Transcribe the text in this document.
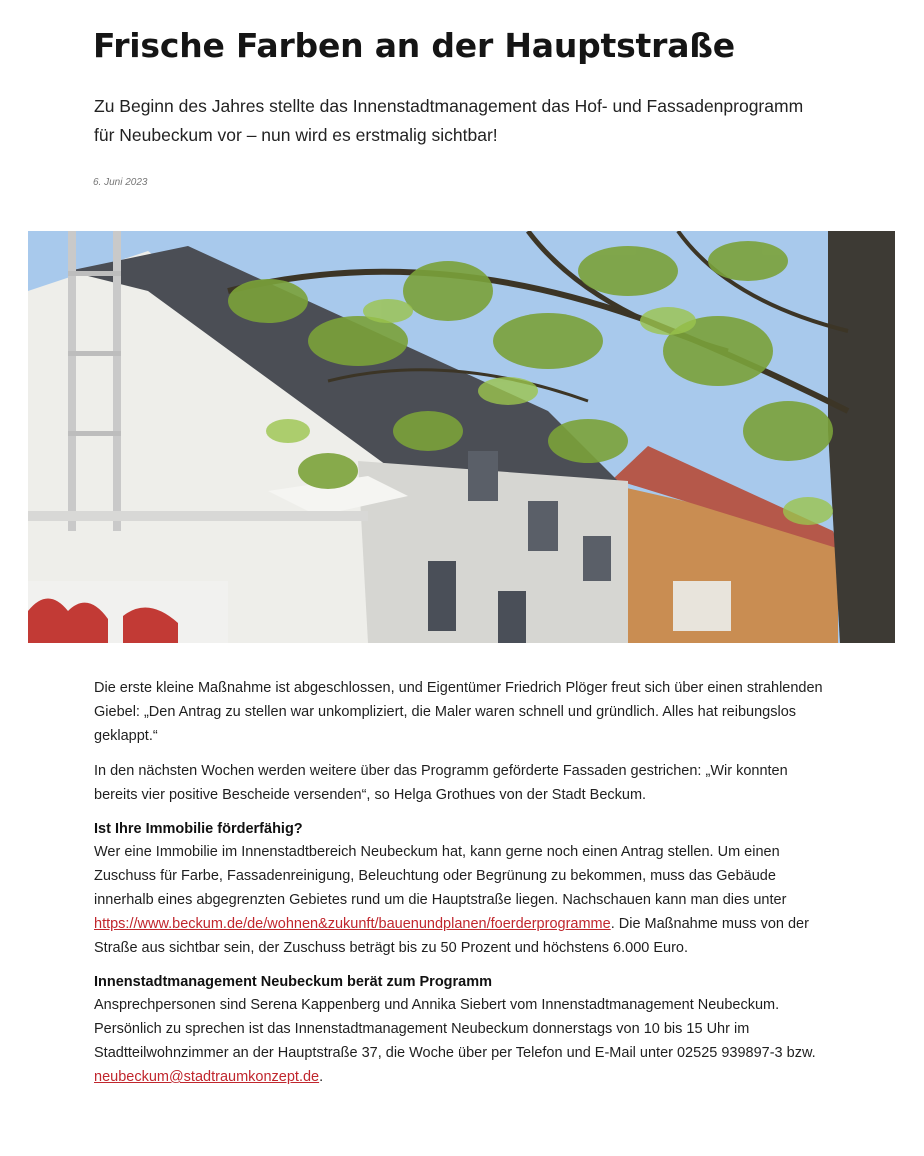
Frische Farben an der Hauptstraße

Zu Beginn des Jahres stellte das Innenstadtmanagement das Hof- und Fassadenprogramm für Neubeckum vor – nun wird es erstmalig sichtbar!

6. Juni 2023

Die erste kleine Maßnahme ist abgeschlossen, und Eigentümer Friedrich Plöger freut sich über einen strahlenden Giebel: „Den Antrag zu stellen war unkompliziert, die Maler waren schnell und gründlich. Alles hat reibungslos geklappt.“

In den nächsten Wochen werden weitere über das Programm geförderte Fassaden gestrichen: „Wir konnten bereits vier positive Bescheide versenden“, so Helga Grothues von der Stadt Beckum.

Ist Ihre Immobilie förderfähig?

Wer eine Immobilie im Innenstadtbereich Neubeckum hat, kann gerne noch einen Antrag stellen. Um einen Zuschuss für Farbe, Fassadenreinigung, Beleuchtung oder Begrünung zu bekommen, muss das Gebäude innerhalb eines abgegrenzten Gebietes rund um die Hauptstraße liegen. Nachschauen kann man dies unter https://www.beckum.de/de/wohnen&zukunft/bauenundplanen/foerderprogramme. Die Maßnahme muss von der Straße aus sichtbar sein, der Zuschuss beträgt bis zu 50 Prozent und höchstens 6.000 Euro.

Innenstadtmanagement Neubeckum berät zum Programm

Ansprechpersonen sind Serena Kappenberg und Annika Siebert vom Innenstadtmanagement Neubeckum. Persönlich zu sprechen ist das Innenstadtmanagement Neubeckum donnerstags von 10 bis 15 Uhr im Stadtteilwohnzimmer an der Hauptstraße 37, die Woche über per Telefon und E-Mail unter 02525 939897-3 bzw. neubeckum@stadtraumkonzept.de.
